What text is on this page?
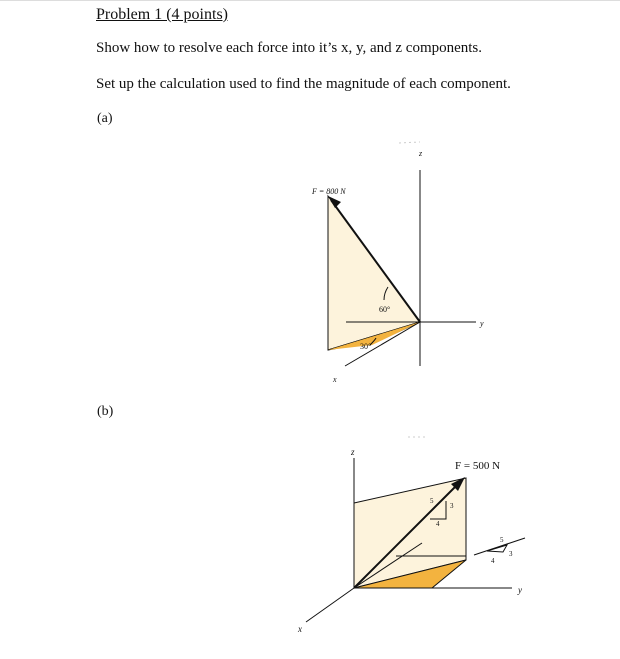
Problem 1 (4 points)
Show how to resolve each force into it’s x, y, and z components.
Set up the calculation used to find the magnitude of each component.
(a)
(b)
F = 800 N
60°
30°
x
y
z
F = 500 N
5
3
4
5
4
3
x
y
z
